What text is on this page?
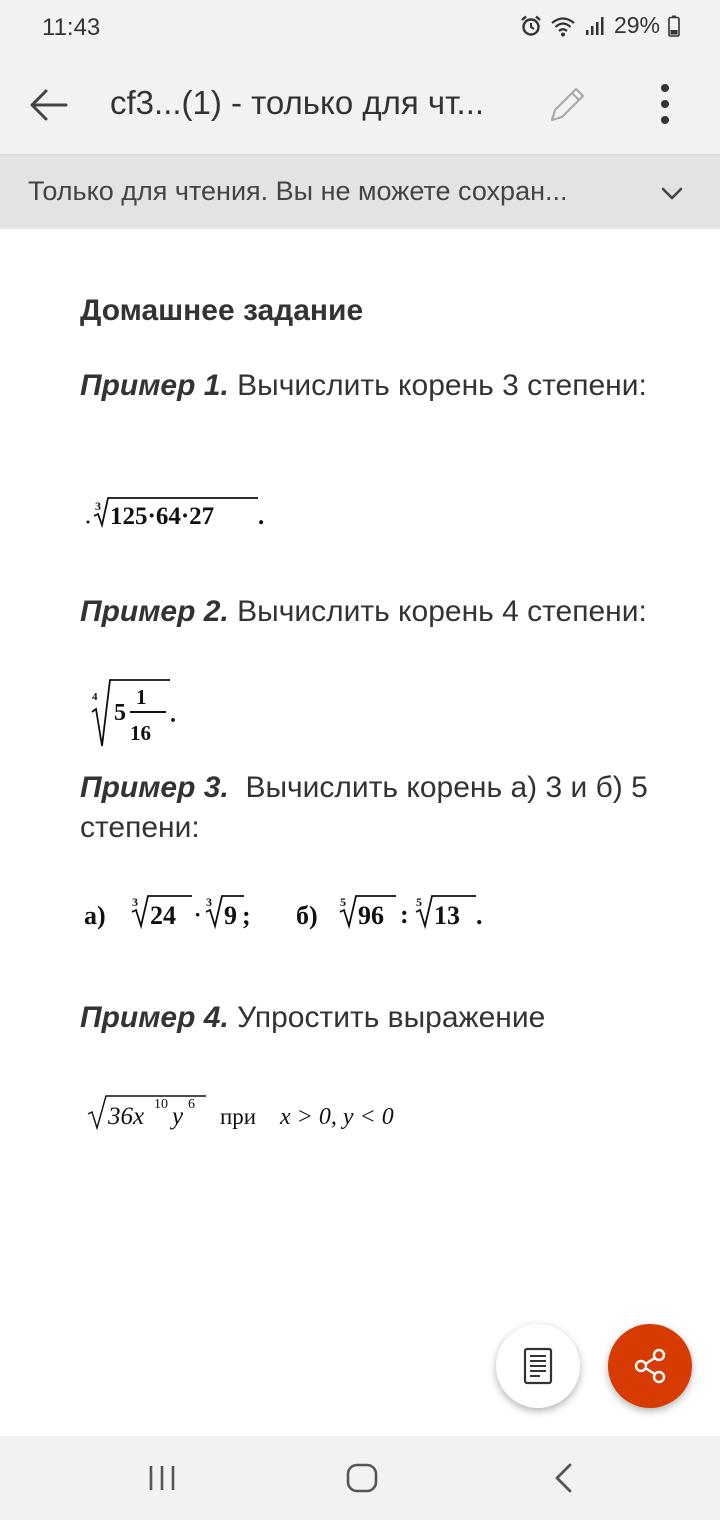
11:43	29%
cf3...(1) - только для чт...
Только для чтения. Вы не можете сохран...
Домашнее задание
Пример 1. Вычислить корень 3 степени:
3 125·64·27 .
Пример 2. Вычислить корень 4 степени:
4
5
1
16
.
Пример 3.  Вычислить корень а) 3 и б) 5 степени:
а) 3 24 · 3 9 ; б) 5 96 : 5 13 .
Пример 4. Упростить выражение
36x 10 y 6 при x > 0, y < 0
